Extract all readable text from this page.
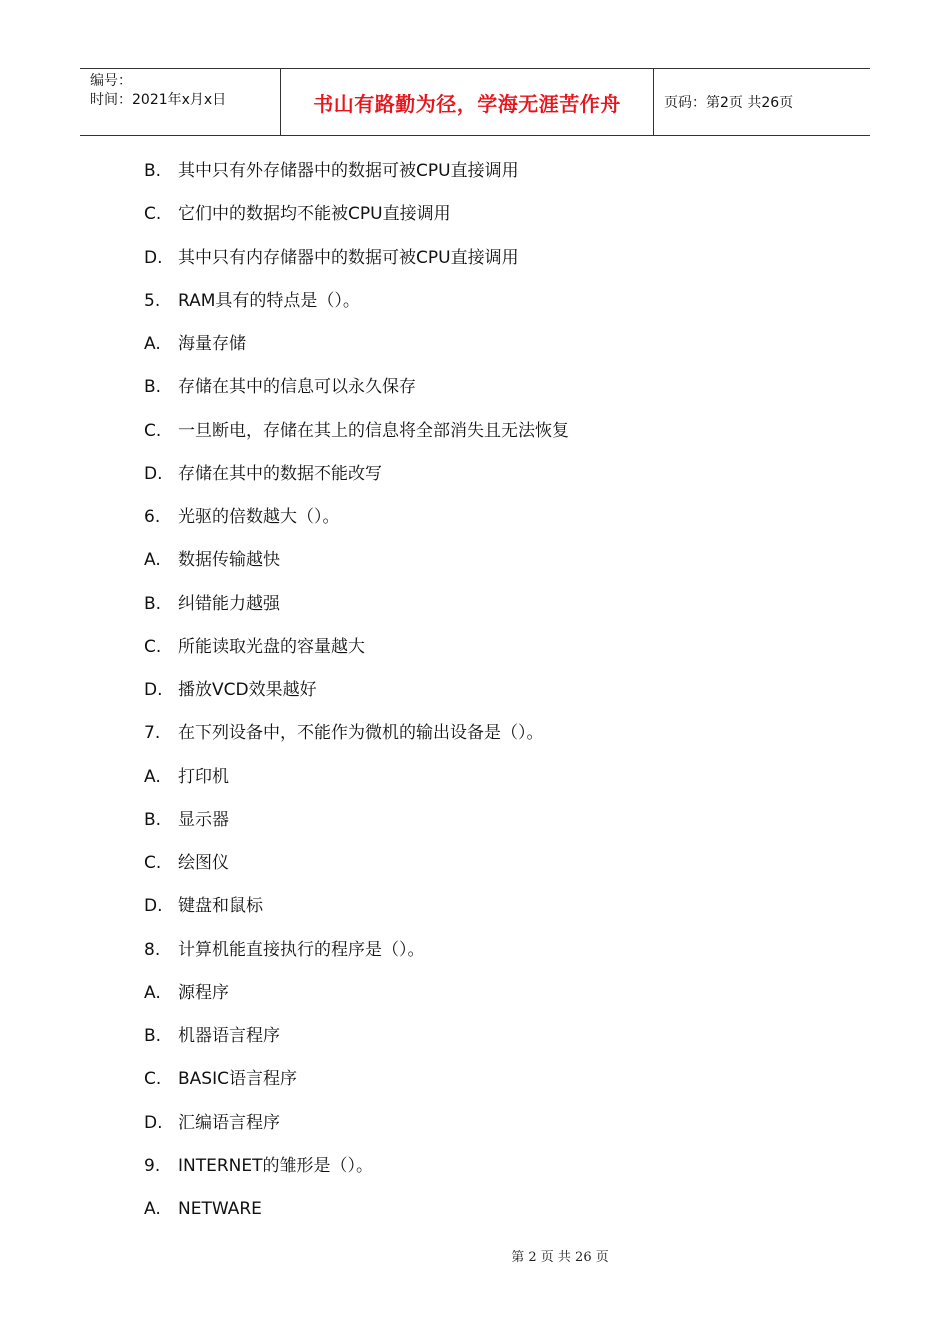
编号：
时间：2021年x月x日	书山有路勤为径，学海无涯苦作舟	页码：第2页 共26页
B. 其中只有外存储器中的数据可被CPU直接调用
C. 它们中的数据均不能被CPU直接调用
D. 其中只有内存储器中的数据可被CPU直接调用
5.	RAM具有的特点是（）。
A.	海量存储
B. 存储在其中的信息可以永久保存
C. 一旦断电，存储在其上的信息将全部消失且无法恢复
D. 存储在其中的数据不能改写
6.	光驱的倍数越大（）。
A.	数据传输越快
B. 纠错能力越强
C. 所能读取光盘的容量越大
D. 播放VCD效果越好
7.	在下列设备中，不能作为微机的输出设备是（）。
A.	打印机
B. 显示器
C. 绘图仪
D. 键盘和鼠标
8.	计算机能直接执行的程序是（）。
A.	源程序
B. 机器语言程序
C. BASIC语言程序
D. 汇编语言程序
9.	INTERNET的雏形是（）。
A.	NETWARE
第 2 页 共 26 页
